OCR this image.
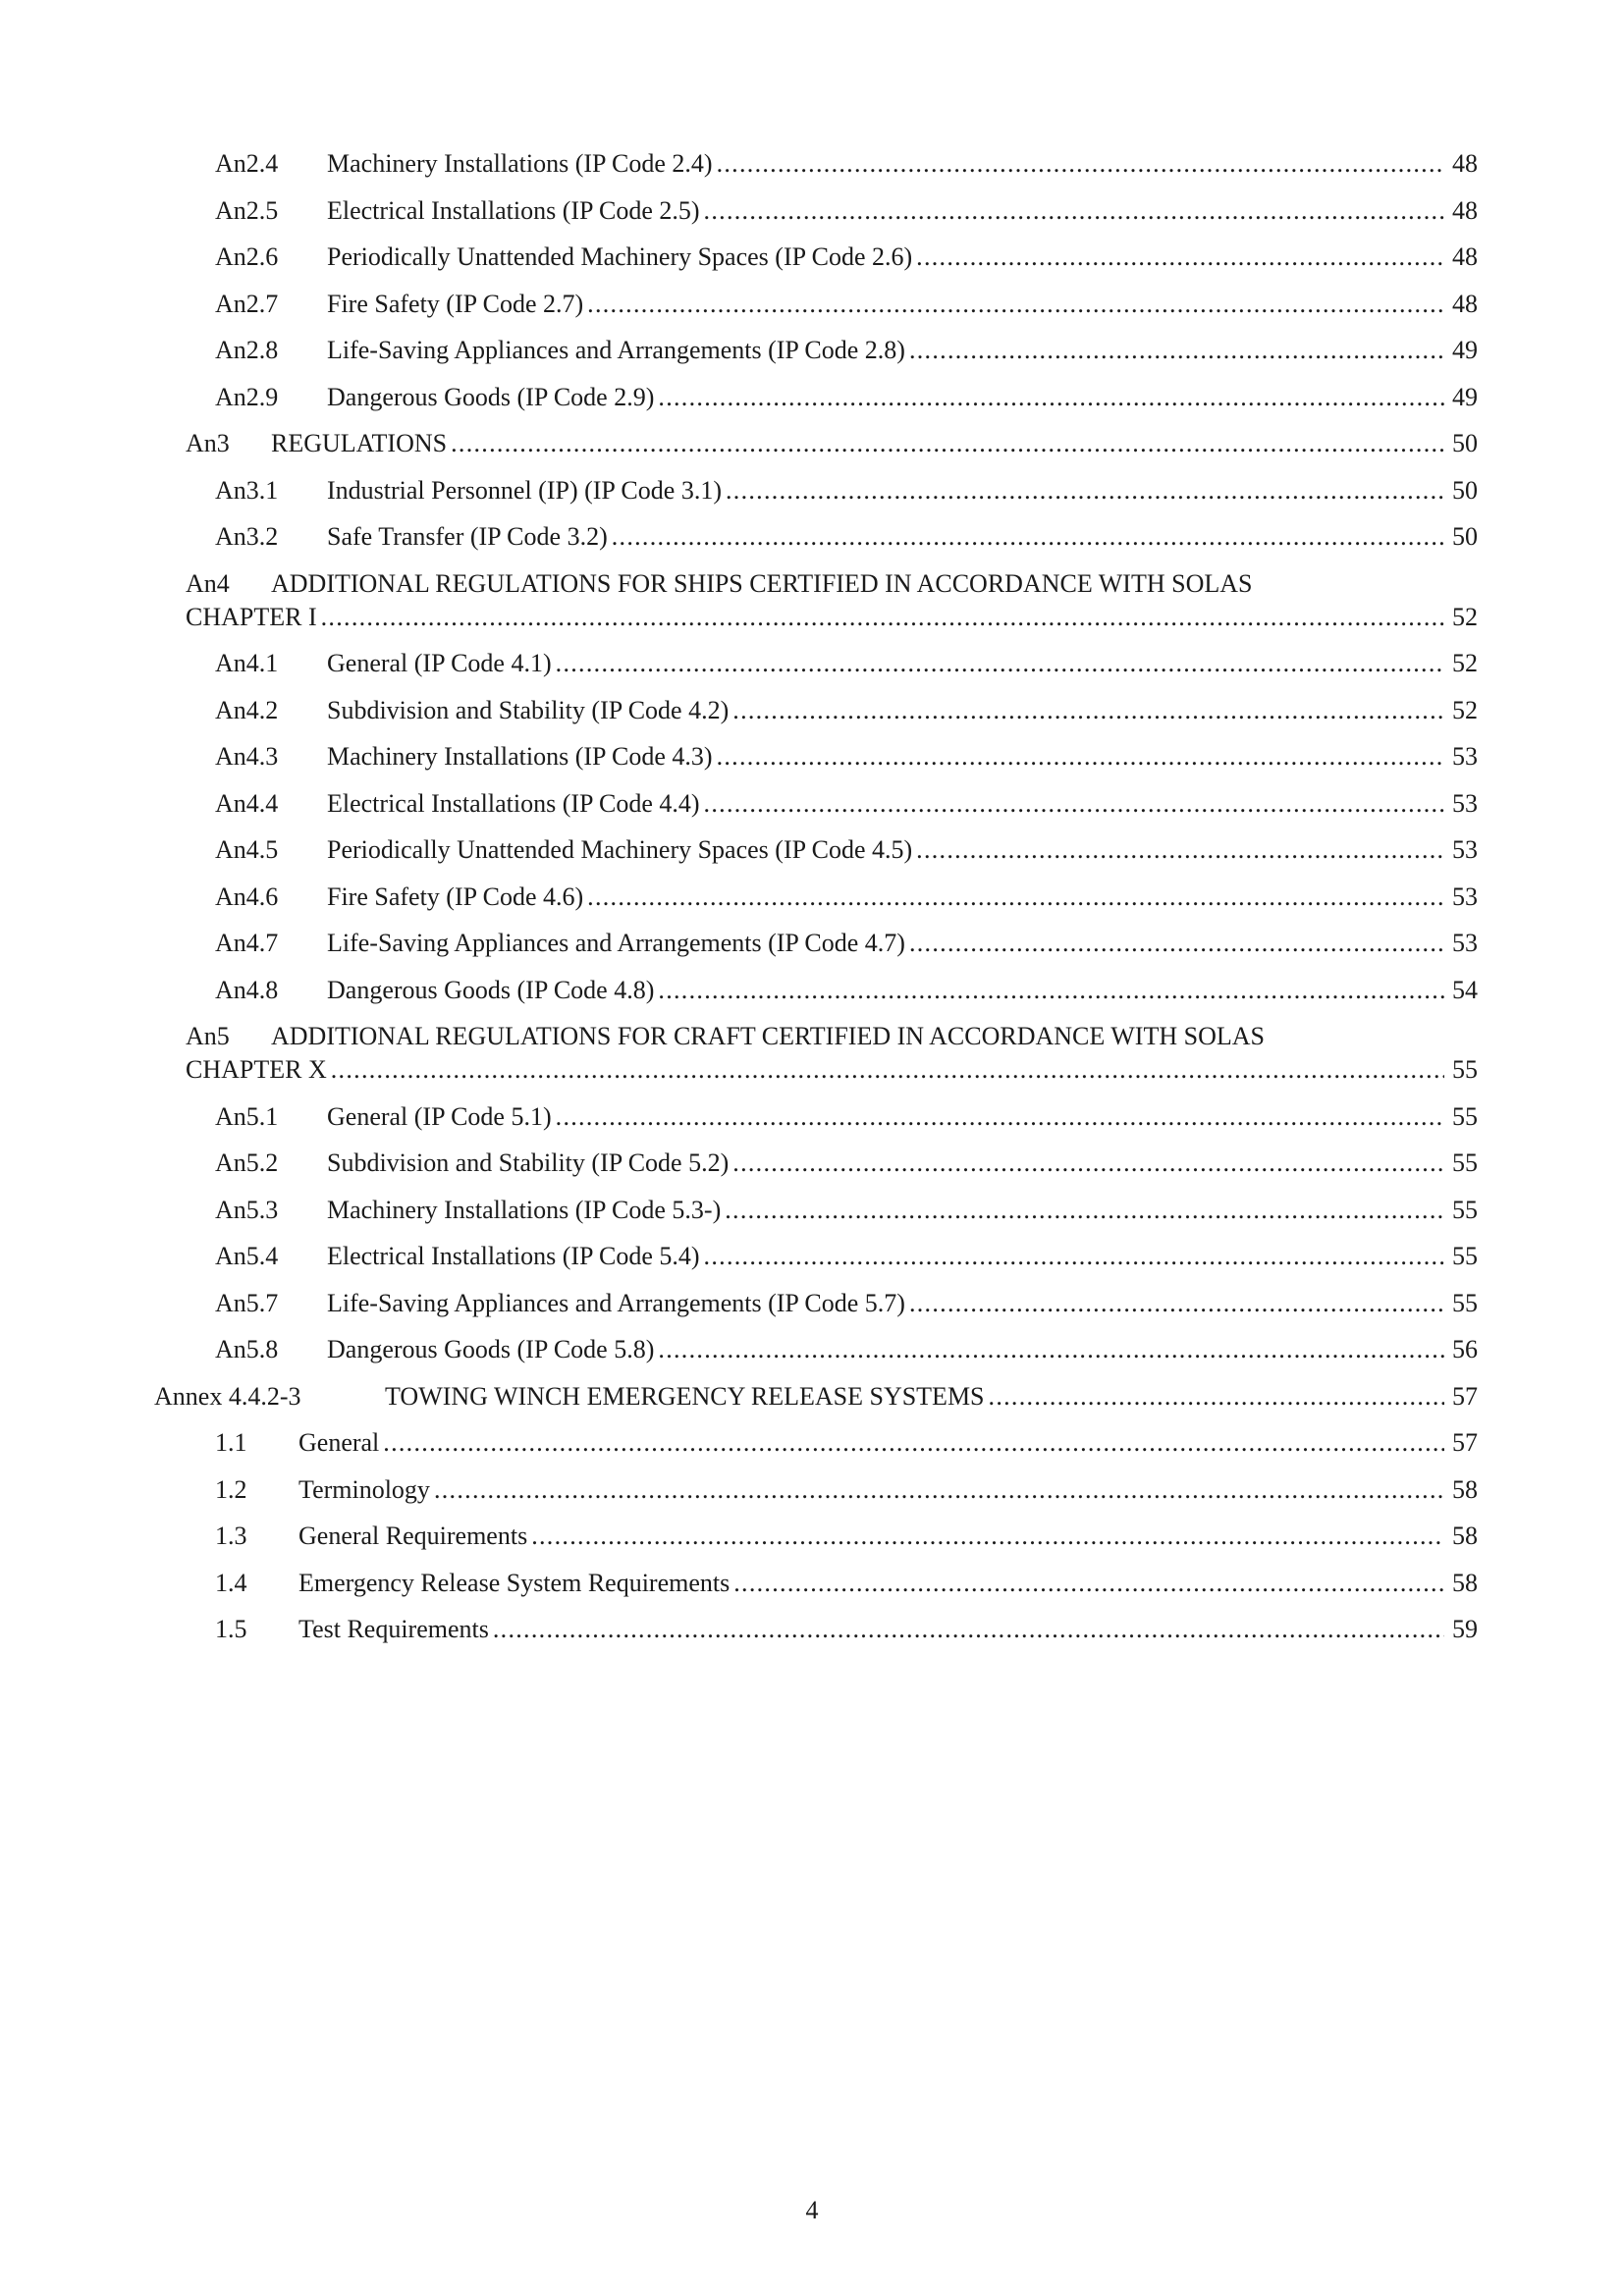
An2.4	Machinery Installations (IP Code 2.4) . . .	48
An2.5	Electrical Installations (IP Code 2.5) . . .	48
An2.6	Periodically Unattended Machinery Spaces (IP Code 2.6) . . .	48
An2.7	Fire Safety (IP Code 2.7) . . .	48
An2.8	Life-Saving Appliances and Arrangements (IP Code 2.8) . . .	49
An2.9	Dangerous Goods (IP Code 2.9) . . .	49
An3	REGULATIONS . . .	50
An3.1	Industrial Personnel (IP) (IP Code 3.1) . . .	50
An3.2	Safe Transfer (IP Code 3.2) . . .	50
An4 ADDITIONAL REGULATIONS FOR SHIPS CERTIFIED IN ACCORDANCE WITH SOLAS
CHAPTER I . . .	52
An4.1	General (IP Code 4.1) . . .	52
An4.2	Subdivision and Stability (IP Code 4.2) . . .	52
An4.3	Machinery Installations (IP Code 4.3) . . .	53
An4.4	Electrical Installations (IP Code 4.4) . . .	53
An4.5	Periodically Unattended Machinery Spaces (IP Code 4.5) . . .	53
An4.6	Fire Safety (IP Code 4.6) . . .	53
An4.7	Life-Saving Appliances and Arrangements (IP Code 4.7) . . .	53
An4.8	Dangerous Goods (IP Code 4.8) . . .	54
An5 ADDITIONAL REGULATIONS FOR CRAFT CERTIFIED IN ACCORDANCE WITH SOLAS
CHAPTER X . . .	55
An5.1	General (IP Code 5.1) . . .	55
An5.2	Subdivision and Stability (IP Code 5.2) . . .	55
An5.3	Machinery Installations (IP Code 5.3-) . . .	55
An5.4	Electrical Installations (IP Code 5.4) . . .	55
An5.7	Life-Saving Appliances and Arrangements (IP Code 5.7) . . .	55
An5.8	Dangerous Goods (IP Code 5.8) . . .	56
Annex 4.4.2-3	TOWING WINCH EMERGENCY RELEASE SYSTEMS . . .	57
1.1	General . . .	57
1.2	Terminology . . .	58
1.3	General Requirements . . .	58
1.4	Emergency Release System Requirements . . .	58
1.5	Test Requirements . . .	59
4
